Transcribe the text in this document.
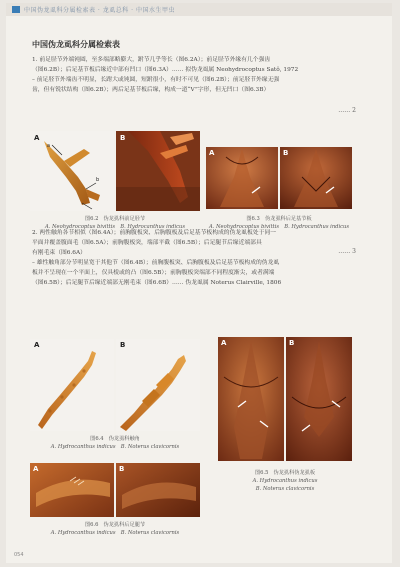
中国伪龙虱科分属检索表 · 龙虱总科 · 中国水生甲虫
中国伪龙虱科分属检索表
1. 前足胫节外端钝圆，至多端部略膨大，跗节几乎等长（图6.2A）；前足胫节外缘有几个强齿
（图6.2B）；后足基节板后缘近中部有凹口（图6.3A）…… 拟伪龙虱属 Neohydrocoptus Satô, 1972
– 前足胫节外端齿不明显，长跗大或钝圆，短跗很小，有时不可见（图6.2B）；前足胫节外缘无强
齿，但有锐状结构（图6.2B）；两后足基节板后缘，构成一道“V”字形，但无凹口（图6.3B）
…… 2
A	B
a
b
图6.2　伪龙虱科前足胫节
A. Neohydrocoptus bivittis　 B. Hydrocanthus indicus
A	B
图6.3　伪龙虱科后足基节板
A. Neohydrocoptus bivittis　 B. Hydrocanthus indicus
2. 两性触角各节相似（图6.4A）；前胸腹板突、后胸腹板及后足基节板构成的伪龙虱板处于同一
平面并覆盖腹面毛（图6.5A）；前胸腹板突，端部平截（图6.5B）；后足腿节后缘近端部具
有刚毛束（图6.6A）
– 雄性触角部分节明显宽于其他节（图6.4B）；前胸腹板突、后胸腹板及后足基节板构成的伪龙虱
板并不呈现在一个平面上，仅具棱或的凸（图6.5B）；前胸腹板突端部不同程度渐尖，或者满端
（图6.5B）；后足腿节后缘近端部无刚毛束（图6.6B）…… 伪龙虱属 Noterus Clairville, 1806
…… 3
A	B
图6.4　伪龙虱科触角
A. Hydrocanthus indicus　 B. Noterus clavicornis
A	B
图6.6　伪龙虱科后足腿节
A. Hydrocanthus indicus　 B. Noterus clavicornis
A	B
图6.5　伪龙虱科伪龙虱板
A. Hydrocanthus indicus
B. Noterus clavicornis
054
